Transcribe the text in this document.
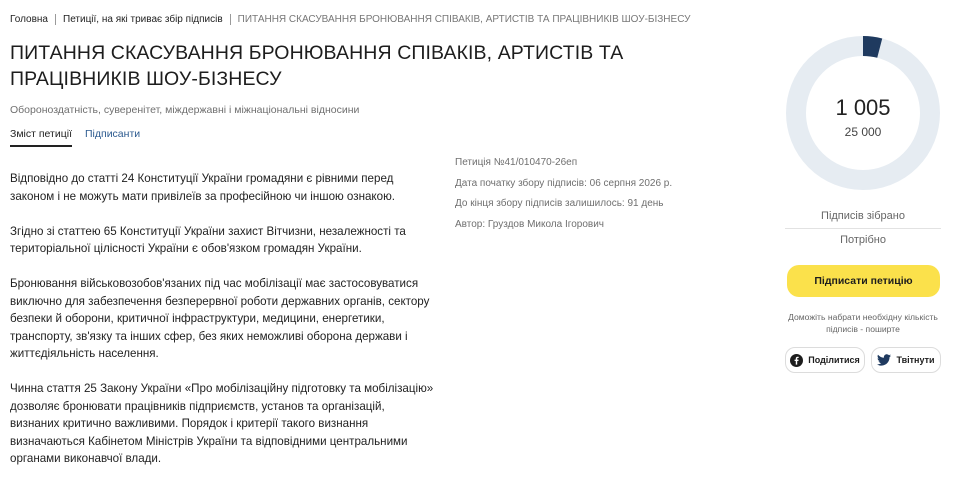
Головна Петиції, на які триває збір підписів ПИТАННЯ СКАСУВАННЯ БРОНЮВАННЯ СПІВАКІВ, АРТИСТІВ ТА ПРАЦІВНИКІВ ШОУ-БІЗНЕСУ
ПИТАННЯ СКАСУВАННЯ БРОНЮВАННЯ СПІВАКІВ, АРТИСТІВ ТА ПРАЦІВНИКІВ ШОУ-БІЗНЕСУ
Обороноздатність, суверенітет, міждержавні і міжнаціональні відносини
Зміст петиції Підписанти

Відповідно до статті 24 Конституції України громадяни є рівними перед законом і не можуть мати привілеїв за професійною чи іншою ознакою.

Згідно зі статтею 65 Конституції України захист Вітчизни, незалежності та територіальної цілісності України є обов'язком громадян України.

Бронювання військовозобов'язаних під час мобілізації має застосовуватися виключно для забезпечення безперервної роботи державних органів, сектору безпеки й оборони, критичної інфраструктури, медицини, енергетики, транспорту, зв'язку та інших сфер, без яких неможливі оборона держави і життєдіяльність населення.

Чинна стаття 25 Закону України «Про мобілізаційну підготовку та мобілізацію» дозволяє бронювати працівників підприємств, установ та організацій, визнаних критично важливими. Порядок і критерії такого визнання визначаються Кабінетом Міністрів України та відповідними центральними органами виконавчої влади.

Петиція №41/010470-26еп
Дата початку збору підписів: 06 серпня 2026 р.
До кінця збору підписів залишилось: 91 день
Автор: Груздов Микола Ігорович
1 005
25 000
Підписів зібрано
Потрібно
Підписати петицію
Доможіть набрати необхідну кількість підписів - поширте
Поділитися	Твітнути
